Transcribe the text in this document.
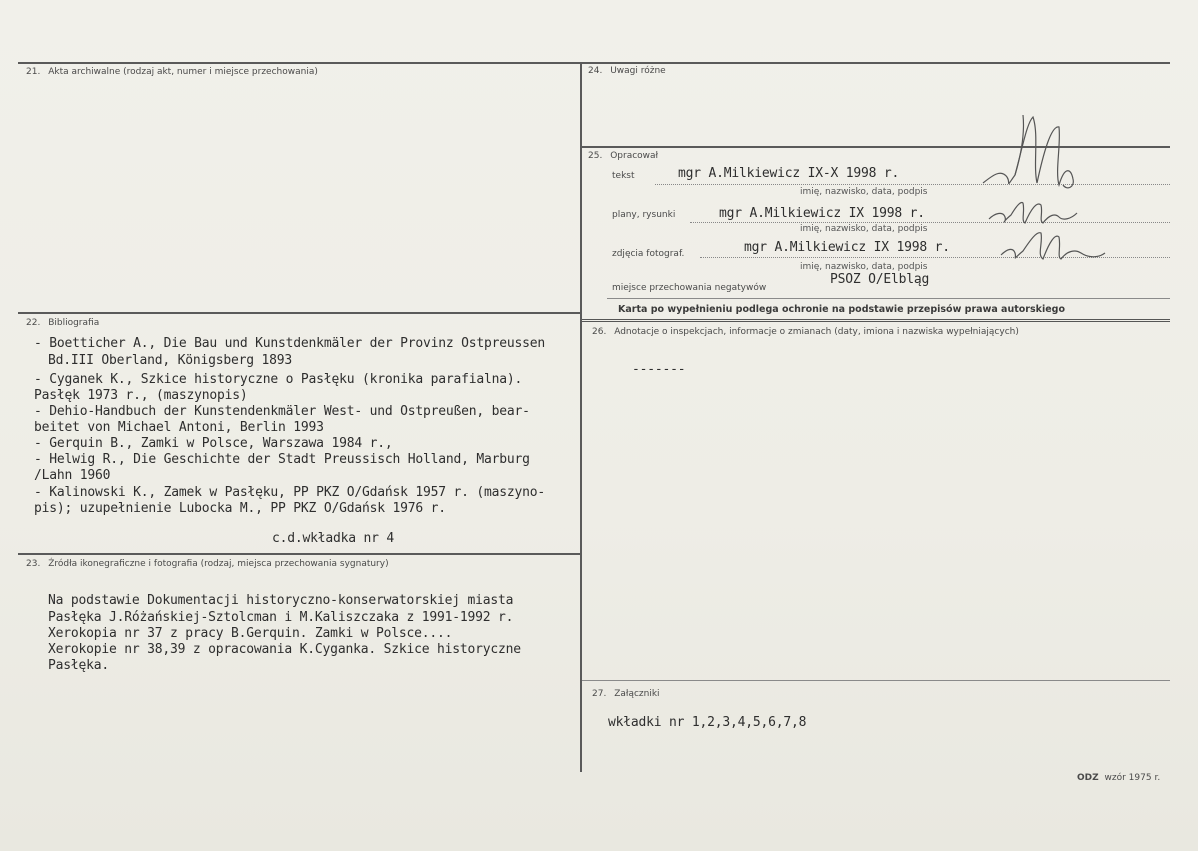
21. Akta archiwalne (rodzaj akt, numer i miejsce przechowania)
22. Bibliografia
- Boetticher A., Die Bau und Kunstdenkmäler der Provinz Ostpreussen
Bd.III Oberland, Königsberg 1893
- Cyganek K., Szkice historyczne o Pasłęku (kronika parafialna).
Pasłęk 1973 r., (maszynopis)
- Dehio-Handbuch der Kunstendenkmäler West- und Ostpreußen, bear-
beitet von Michael Antoni, Berlin 1993
- Gerquin B., Zamki w Polsce, Warszawa 1984 r.,
- Helwig R., Die Geschichte der Stadt Preussisch Holland, Marburg
/Lahn 1960
- Kalinowski K., Zamek w Pasłęku, PP PKZ O/Gdańsk 1957 r. (maszyno-
pis); uzupełnienie Lubocka M., PP PKZ O/Gdańsk 1976 r.
c.d.wkładka nr 4
23. Źródła ikonegraficzne i fotografia (rodzaj, miejsca przechowania sygnatury)
Na podstawie Dokumentacji historyczno-konserwatorskiej miasta
Pasłęka J.Różańskiej-Sztolcman i M.Kaliszczaka z 1991-1992 r.
Xerokopia nr 37 z pracy B.Gerquin. Zamki w Polsce....
Xerokopie nr 38,39 z opracowania K.Cyganka. Szkice historyczne
Pasłęka.
24. Uwagi różne
25. Opracował
tekst	mgr A.Milkiewicz IX-X 1998 r.
imię, nazwisko, data, podpis
plany, rysunki	mgr A.Milkiewicz IX 1998 r.
imię, nazwisko, data, podpis
zdjęcia fotograf.	mgr A.Milkiewicz IX 1998 r.
imię, nazwisko, data, podpis
miejsce przechowania negatywów
PSOZ O/Elbląg
Karta po wypełnieniu podlega ochronie na podstawie przepisów prawa autorskiego
26. Adnotacje o inspekcjach, informacje o zmianach (daty, imiona i nazwiska wypełniających)
-------
27. Załączniki
wkładki nr 1,2,3,4,5,6,7,8
ODZ wzór 1975 r.
